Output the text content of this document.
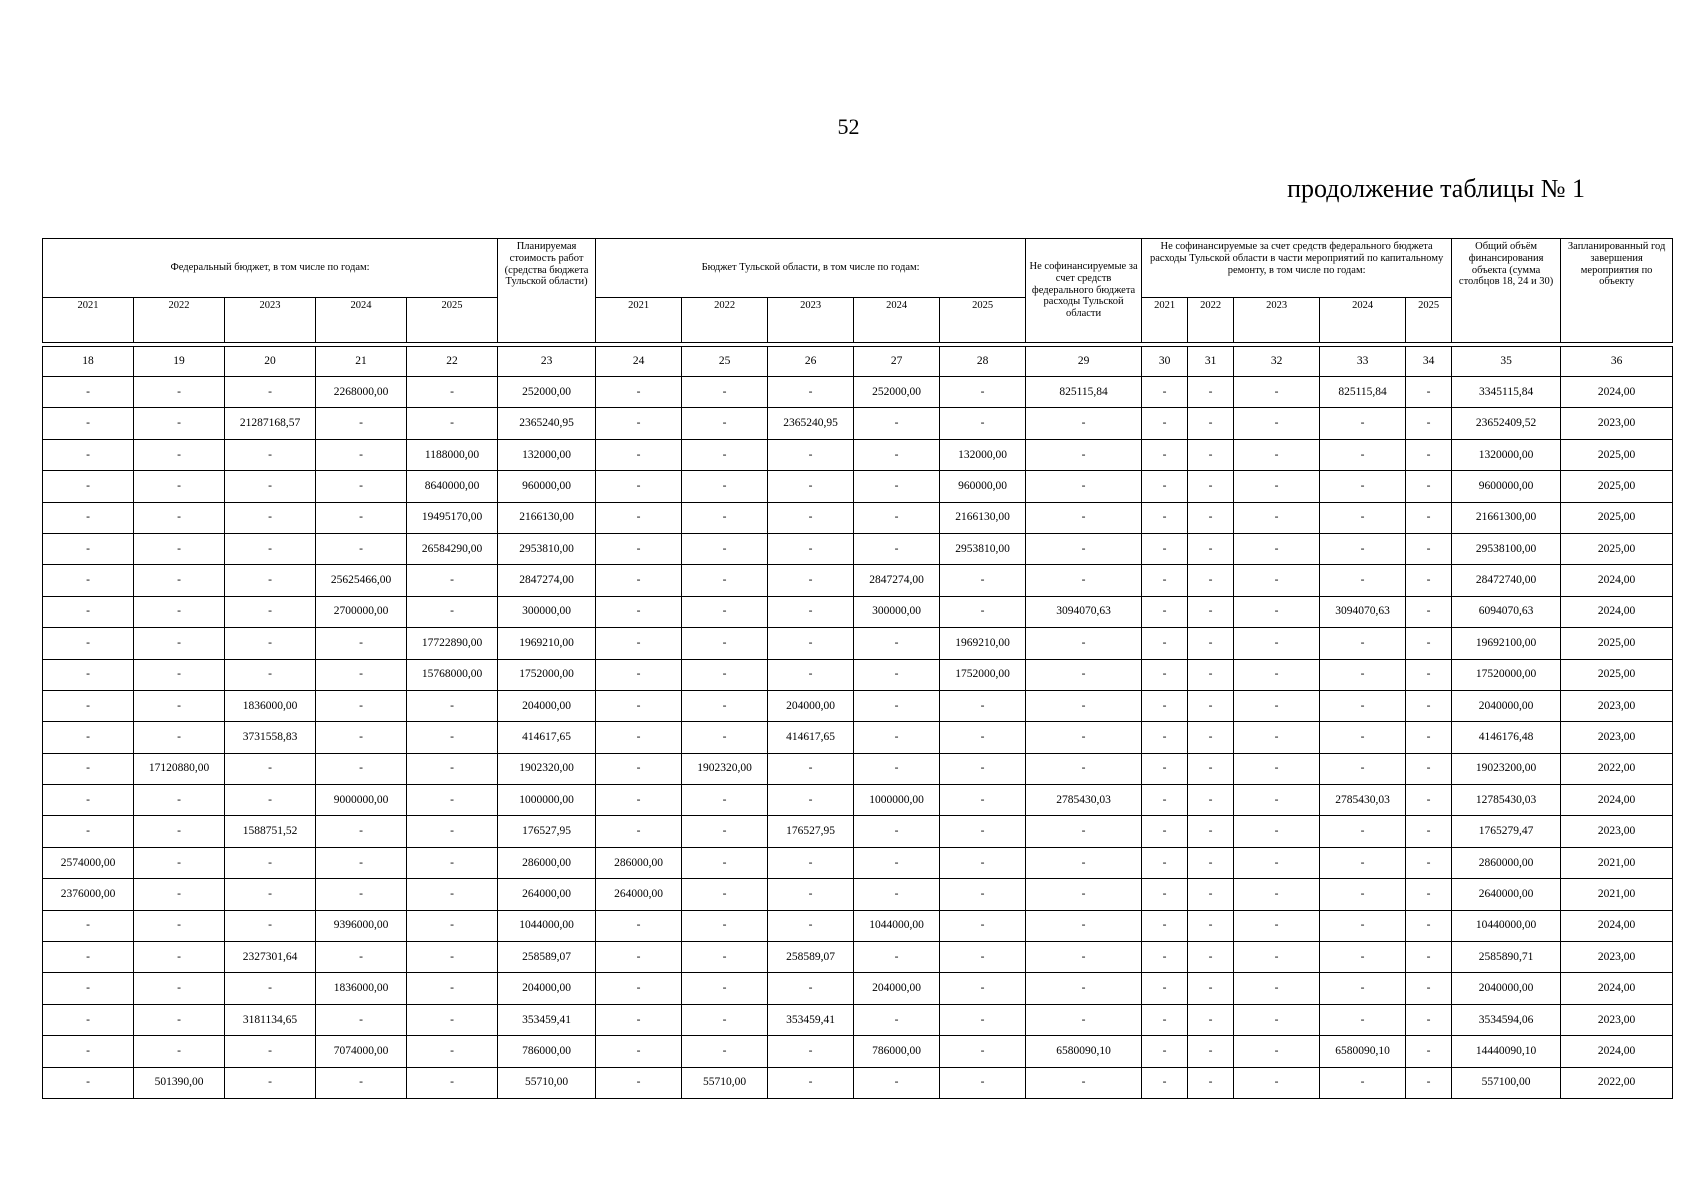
52
продолжение таблицы № 1
Федеральный бюджет, в том числе по годам:					Планируемая стоимость работ (средства бюджета Тульской области)	Бюджет Тульской области, в том числе по годам:					Не софинансируемые за счет средств федерального бюджета расходы Тульской области	Не софинансируемые за счет средств федерального бюджета расходы Тульской области в части мероприятий по капитальному ремонту, в том числе по годам:					Общий объём финансирования объекта (сумма столбцов 18, 24 и 30)	Запланированный год завершения мероприятия по объекту
2021	2022	2023	2024	2025		2021	2022	2023	2024	2025		2021	2022	2023	2024	2025		

18	19	20	21	22	23	24	25	26	27	28	29	30	31	32	33	34	35	36
-	-	-	2268000,00	-	252000,00	-	-	-	252000,00	-	825115,84	-	-	-	825115,84	-	3345115,84	2024,00
-	-	21287168,57	-	-	2365240,95	-	-	2365240,95	-	-	-	-	-	-	-	-	23652409,52	2023,00
-	-	-	-	1188000,00	132000,00	-	-	-	-	132000,00	-	-	-	-	-	-	1320000,00	2025,00
-	-	-	-	8640000,00	960000,00	-	-	-	-	960000,00	-	-	-	-	-	-	9600000,00	2025,00
-	-	-	-	19495170,00	2166130,00	-	-	-	-	2166130,00	-	-	-	-	-	-	21661300,00	2025,00
-	-	-	-	26584290,00	2953810,00	-	-	-	-	2953810,00	-	-	-	-	-	-	29538100,00	2025,00
-	-	-	25625466,00	-	2847274,00	-	-	-	2847274,00	-	-	-	-	-	-	-	28472740,00	2024,00
-	-	-	2700000,00	-	300000,00	-	-	-	300000,00	-	3094070,63	-	-	-	3094070,63	-	6094070,63	2024,00
-	-	-	-	17722890,00	1969210,00	-	-	-	-	1969210,00	-	-	-	-	-	-	19692100,00	2025,00
-	-	-	-	15768000,00	1752000,00	-	-	-	-	1752000,00	-	-	-	-	-	-	17520000,00	2025,00
-	-	1836000,00	-	-	204000,00	-	-	204000,00	-	-	-	-	-	-	-	-	2040000,00	2023,00
-	-	3731558,83	-	-	414617,65	-	-	414617,65	-	-	-	-	-	-	-	-	4146176,48	2023,00
-	17120880,00	-	-	-	1902320,00	-	1902320,00	-	-	-	-	-	-	-	-	-	19023200,00	2022,00
-	-	-	9000000,00	-	1000000,00	-	-	-	1000000,00	-	2785430,03	-	-	-	2785430,03	-	12785430,03	2024,00
-	-	1588751,52	-	-	176527,95	-	-	176527,95	-	-	-	-	-	-	-	-	1765279,47	2023,00
2574000,00	-	-	-	-	286000,00	286000,00	-	-	-	-	-	-	-	-	-	-	2860000,00	2021,00
2376000,00	-	-	-	-	264000,00	264000,00	-	-	-	-	-	-	-	-	-	-	2640000,00	2021,00
-	-	-	9396000,00	-	1044000,00	-	-	-	1044000,00	-	-	-	-	-	-	-	10440000,00	2024,00
-	-	2327301,64	-	-	258589,07	-	-	258589,07	-	-	-	-	-	-	-	-	2585890,71	2023,00
-	-	-	1836000,00	-	204000,00	-	-	-	204000,00	-	-	-	-	-	-	-	2040000,00	2024,00
-	-	3181134,65	-	-	353459,41	-	-	353459,41	-	-	-	-	-	-	-	-	3534594,06	2023,00
-	-	-	7074000,00	-	786000,00	-	-	-	786000,00	-	6580090,10	-	-	-	6580090,10	-	14440090,10	2024,00
-	501390,00	-	-	-	55710,00	-	55710,00	-	-	-	-	-	-	-	-	-	557100,00	2022,00
